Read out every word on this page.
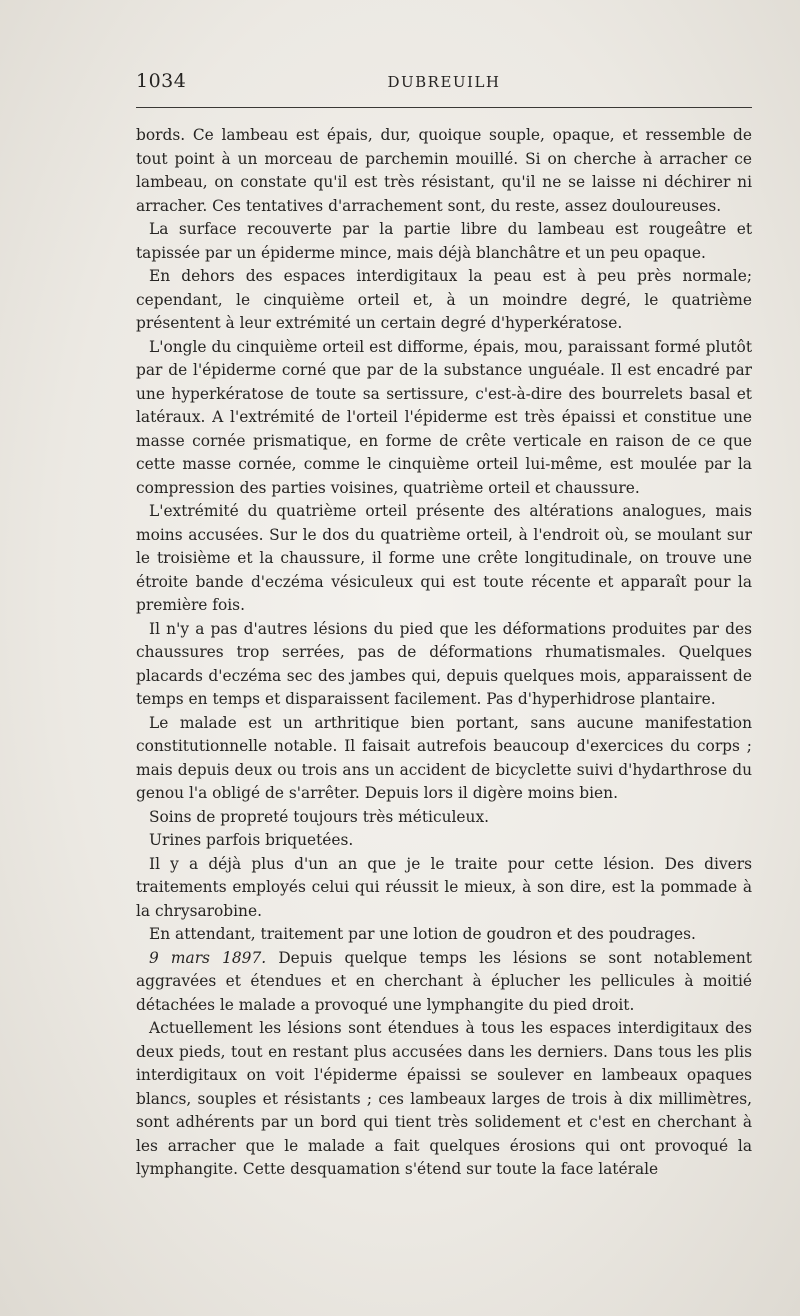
1034	DUBREUILH

bords. Ce lambeau est épais, dur, quoique souple, opaque, et ressemble de tout point à un morceau de parchemin mouillé. Si on cherche à arracher ce lambeau, on constate qu'il est très résistant, qu'il ne se laisse ni déchirer ni arracher. Ces tentatives d'arrachement sont, du reste, assez douloureuses.

La surface recouverte par la partie libre du lambeau est rougeâtre et tapissée par un épiderme mince, mais déjà blanchâtre et un peu opaque.

En dehors des espaces interdigitaux la peau est à peu près normale; cependant, le cinquième orteil et, à un moindre degré, le quatrième présentent à leur extrémité un certain degré d'hyperkératose.

L'ongle du cinquième orteil est difforme, épais, mou, paraissant formé plutôt par de l'épiderme corné que par de la substance unguéale. Il est encadré par une hyperkératose de toute sa sertissure, c'est-à-dire des bourrelets basal et latéraux. A l'extrémité de l'orteil l'épiderme est très épaissi et constitue une masse cornée prismatique, en forme de crête verticale en raison de ce que cette masse cornée, comme le cinquième orteil lui-même, est moulée par la compression des parties voisines, quatrième orteil et chaussure.

L'extrémité du quatrième orteil présente des altérations analogues, mais moins accusées. Sur le dos du quatrième orteil, à l'endroit où, se moulant sur le troisième et la chaussure, il forme une crête longitudinale, on trouve une étroite bande d'eczéma vésiculeux qui est toute récente et apparaît pour la première fois.

Il n'y a pas d'autres lésions du pied que les déformations produites par des chaussures trop serrées, pas de déformations rhumatismales. Quelques placards d'eczéma sec des jambes qui, depuis quelques mois, apparaissent de temps en temps et disparaissent facilement. Pas d'hyperhidrose plantaire.

Le malade est un arthritique bien portant, sans aucune manifestation constitutionnelle notable. Il faisait autrefois beaucoup d'exercices du corps ; mais depuis deux ou trois ans un accident de bicyclette suivi d'hydarthrose du genou l'a obligé de s'arrêter. Depuis lors il digère moins bien.

Soins de propreté toujours très méticuleux.

Urines parfois briquetées.

Il y a déjà plus d'un an que je le traite pour cette lésion. Des divers traitements employés celui qui réussit le mieux, à son dire, est la pommade à la chrysarobine.

En attendant, traitement par une lotion de goudron et des poudrages.

9 mars 1897. Depuis quelque temps les lésions se sont notablement aggravées et étendues et en cherchant à éplucher les pellicules à moitié détachées le malade a provoqué une lymphangite du pied droit.

Actuellement les lésions sont étendues à tous les espaces interdigitaux des deux pieds, tout en restant plus accusées dans les derniers. Dans tous les plis interdigitaux on voit l'épiderme épaissi se soulever en lambeaux opaques blancs, souples et résistants ; ces lambeaux larges de trois à dix millimètres, sont adhérents par un bord qui tient très solidement et c'est en cherchant à les arracher que le malade a fait quelques érosions qui ont provoqué la lymphangite. Cette desquamation s'étend sur toute la face latérale
